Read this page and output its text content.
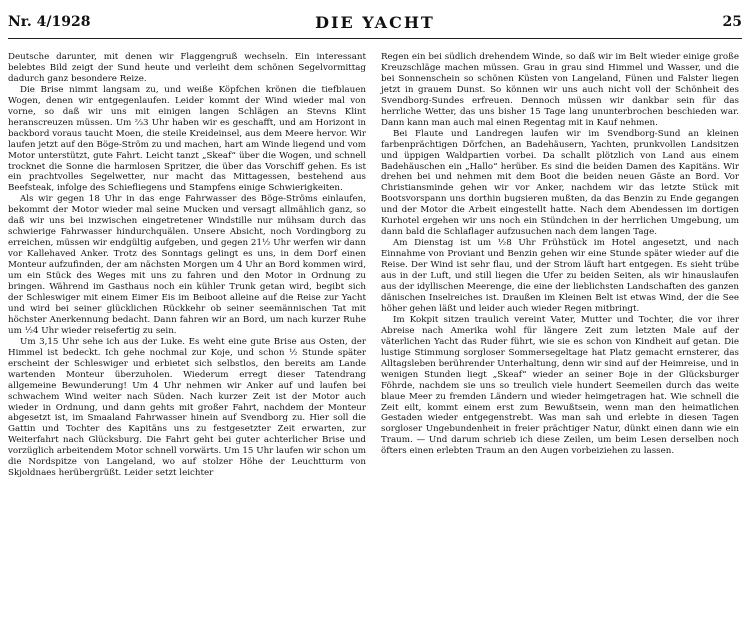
Nr. 4/1928	DIE YACHT	25

Deutsche darunter, mit denen wir Flaggengruß wechseln. Ein interessant belebtes Bild zeigt der Sund heute und verleiht dem schönen Segelvormittag dadurch ganz besondere Reize.

Die Brise nimmt langsam zu, und weiße Köpfchen krönen die tiefblauen Wogen, denen wir entgegenlaufen. Leider kommt der Wind wieder mal von vorne, so daß wir uns mit einigen langen Schlägen an Stevns Klint heranscreuzen müssen. Um ⅔3 Uhr haben wir es geschafft, und am Horizont in backbord voraus taucht Moen, die steile Kreideinsel, aus dem Meere hervor. Wir laufen jetzt auf den Böge-Ström zu und machen, hart am Winde liegend und vom Motor unterstützt, gute Fahrt. Leicht tanzt „Skeaf“ über die Wogen, und schnell trocknet die Sonne die harmlosen Spritzer, die über das Vorschiff gehen. Es ist ein prachtvolles Segelwetter, nur macht das Mittagessen, bestehend aus Beefsteak, infolge des Schiefliegens und Stampfens einige Schwierigkeiten.

Als wir gegen 18 Uhr in das enge Fahrwasser des Böge-Ströms einlaufen, bekommt der Motor wieder mal seine Mucken und versagt allmählich ganz, so daß wir uns bei inzwischen eingetretener Windstille nur mühsam durch das schwierige Fahrwasser hindurchquälen. Unsere Absicht, noch Vordingborg zu erreichen, müssen wir endgültig aufgeben, und gegen 21½ Uhr werfen wir dann vor Kallehaved Anker. Trotz des Sonntags gelingt es uns, in dem Dorf einen Monteur aufzufinden, der am nächsten Morgen um 4 Uhr an Bord kommen wird, um ein Stück des Weges mit uns zu fahren und den Motor in Ordnung zu bringen. Während im Gasthaus noch ein kühler Trunk getan wird, begibt sich der Schleswiger mit einem Eimer Eis im Beiboot alleine auf die Reise zur Yacht und wird bei seiner glücklichen Rückkehr ob seiner seemännischen Tat mit höchster Anerkennung bedacht. Dann fahren wir an Bord, um nach kurzer Ruhe um ½4 Uhr wieder reisefertig zu sein.

Um 3,15 Uhr sehe ich aus der Luke. Es weht eine gute Brise aus Osten, der Himmel ist bedeckt. Ich gehe nochmal zur Koje, und schon ½ Stunde später erscheint der Schleswiger und erbietet sich selbstlos, den bereits am Lande wartenden Monteur überzuholen. Wiederum erregt dieser Tatendrang allgemeine Bewunderung! Um 4 Uhr nehmen wir Anker auf und laufen bei schwachem Wind weiter nach Süden. Nach kurzer Zeit ist der Motor auch wieder in Ordnung, und dann gehts mit großer Fahrt, nachdem der Monteur abgesetzt ist, im Smaaland Fahrwasser hinein auf Svendborg zu. Hier soll die Gattin und Tochter des Kapitäns uns zu festgesetzter Zeit erwarten, zur Weiterfahrt nach Glücksburg. Die Fahrt geht bei guter achterlicher Brise und vorzüglich arbeitendem Motor schnell vorwärts. Um 15 Uhr laufen wir schon um die Nordspitze von Langeland, wo auf stolzer Höhe der Leuchtturm von Skjoldnaes herübergrüßt. Leider setzt leichter

Regen ein bei südlich drehendem Winde, so daß wir im Belt wieder einige große Kreuzschläge machen müssen. Grau in grau sind Himmel und Wasser, und die bei Sonnenschein so schönen Küsten von Langeland, Fünen und Falster liegen jetzt in grauem Dunst. So können wir uns auch nicht voll der Schönheit des Svendborg-Sundes erfreuen. Dennoch müssen wir dankbar sein für das herrliche Wetter, das uns bisher 15 Tage lang ununterbrochen beschieden war. Dann kann man auch mal einen Regentag mit in Kauf nehmen.

Bei Flaute und Landregen laufen wir im Svendborg-Sund an kleinen farbenprächtigen Dörfchen, an Badehäusern, Yachten, prunkvollen Landsitzen und üppigen Waldpartien vorbei. Da schallt plötzlich von Land aus einem Badehäuschen ein „Hallo“ herüber. Es sind die beiden Damen des Kapitäns. Wir drehen bei und nehmen mit dem Boot die beiden neuen Gäste an Bord. Vor Christiansminde gehen wir vor Anker, nachdem wir das letzte Stück mit Bootsvorspann uns dorthin bugsieren mußten, da das Benzin zu Ende gegangen und der Motor die Arbeit eingestellt hatte. Nach dem Abendessen im dortigen Kurhotel ergehen wir uns noch ein Stündchen in der herrlichen Umgebung, um dann bald die Schlaflager aufzusuchen nach dem langen Tage.

Am Dienstag ist um ½8 Uhr Frühstück im Hotel angesetzt, und nach Einnahme von Proviant und Benzin gehen wir eine Stunde später wieder auf die Reise. Der Wind ist sehr flau, und der Strom läuft hart entgegen. Es sieht trübe aus in der Luft, und still liegen die Ufer zu beiden Seiten, als wir hinauslaufen aus der idyllischen Meerenge, die eine der lieblichsten Landschaften des ganzen dänischen Inselreiches ist. Draußen im Kleinen Belt ist etwas Wind, der die See höher gehen läßt und leider auch wieder Regen mitbringt.

Im Kokpit sitzen traulich vereint Vater, Mutter und Tochter, die vor ihrer Abreise nach Amerika wohl für längere Zeit zum letzten Male auf der väterlichen Yacht das Ruder führt, wie sie es schon von Kindheit auf getan. Die lustige Stimmung sorgloser Sommersegeltage hat Platz gemacht ernsterer, das Alltagsleben berührender Unterhaltung, denn wir sind auf der Heimreise, und in wenigen Stunden liegt „Skeaf“ wieder an seiner Boje in der Glücksburger Föhrde, nachdem sie uns so treulich viele hundert Seemeilen durch das weite blaue Meer zu fremden Ländern und wieder heimgetragen hat. Wie schnell die Zeit eilt, kommt einem erst zum Bewußtsein, wenn man den heimatlichen Gestaden wieder entgegenstrebt. Was man sah und erlebte in diesen Tagen sorgloser Ungebundenheit in freier prächtiger Natur, dünkt einen dann wie ein Traum. — Und darum schrieb ich diese Zeilen, um beim Lesen derselben noch öfters einen erlebten Traum an den Augen vorbeiziehen zu lassen.
